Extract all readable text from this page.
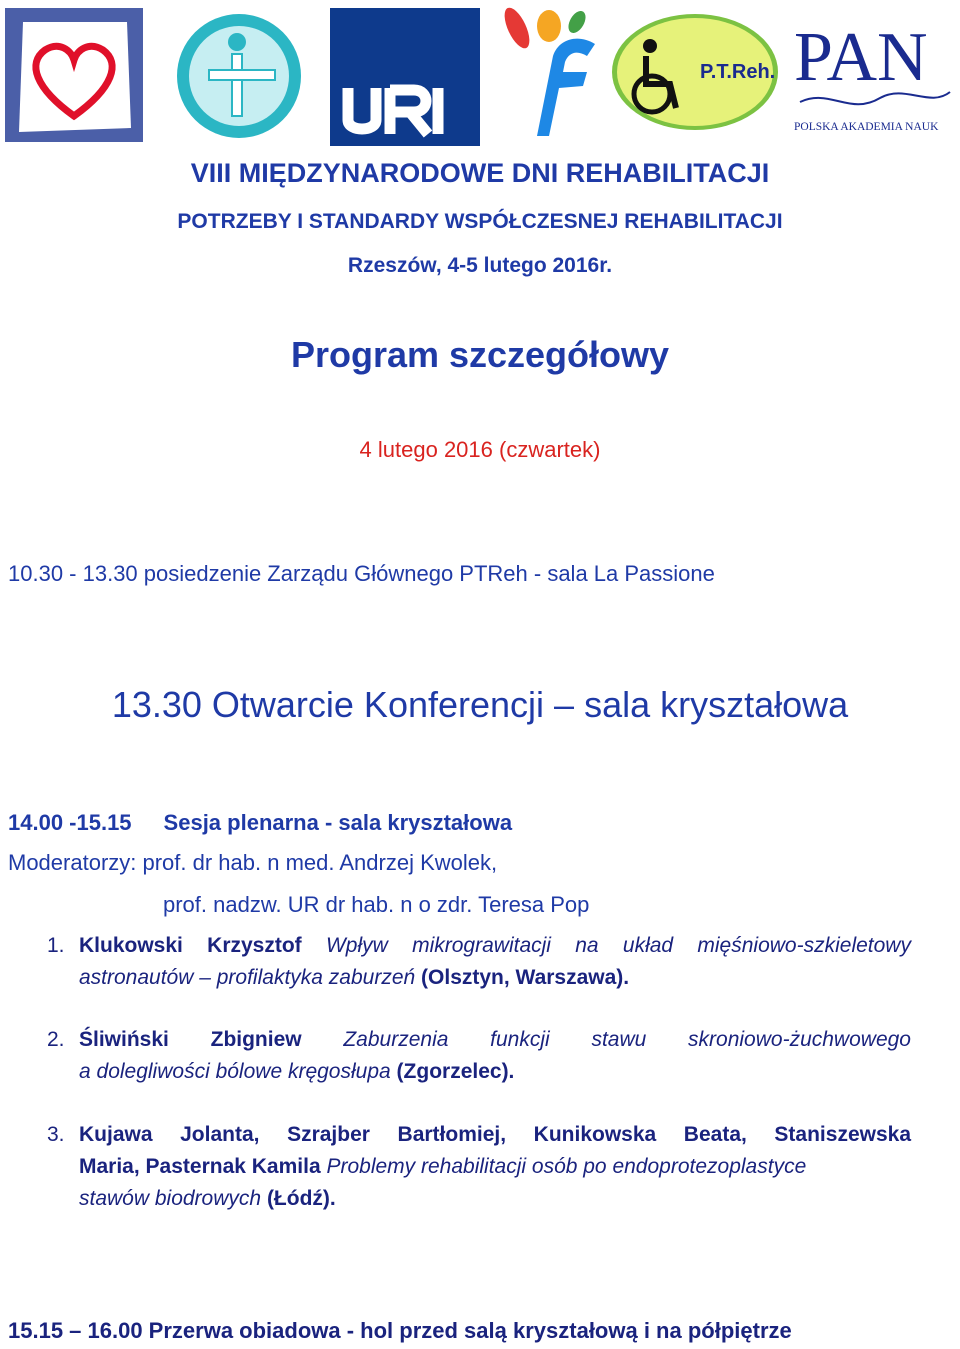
P.T.Reh. PAN
POLSKA AKADEMIA NAUK
VIII MIĘDZYNARODOWE DNI REHABILITACJI
POTRZEBY I STANDARDY WSPÓŁCZESNEJ REHABILITACJI
Rzeszów, 4-5 lutego 2016r.
Program szczegółowy
4 lutego 2016 (czwartek)
10.30 - 13.30 posiedzenie Zarządu Głównego PTReh - sala La Passione
13.30 Otwarcie Konferencji – sala kryształowa
14.00 -15.15 Sesja plenarna - sala kryształowa
Moderatorzy: prof. dr hab. n med. Andrzej Kwolek,
prof. nadzw. UR dr hab. n o zdr. Teresa Pop
1. Klukowski Krzysztof Wpływ mikrograwitacji na układ mięśniowo-szkieletowy
astronautów – profilaktyka zaburzeń (Olsztyn, Warszawa).
2. Śliwiński Zbigniew Zaburzenia funkcji stawu skroniowo-żuchwowego
a dolegliwości bólowe kręgosłupa (Zgorzelec).
3. Kujawa Jolanta, Szrajber Bartłomiej, Kunikowska Beata, Staniszewska
Maria, Pasternak Kamila Problemy rehabilitacji osób po endoprotezoplastyce
stawów biodrowych (Łódź).
15.15 – 16.00 Przerwa obiadowa - hol przed salą kryształową i na półpiętrze
